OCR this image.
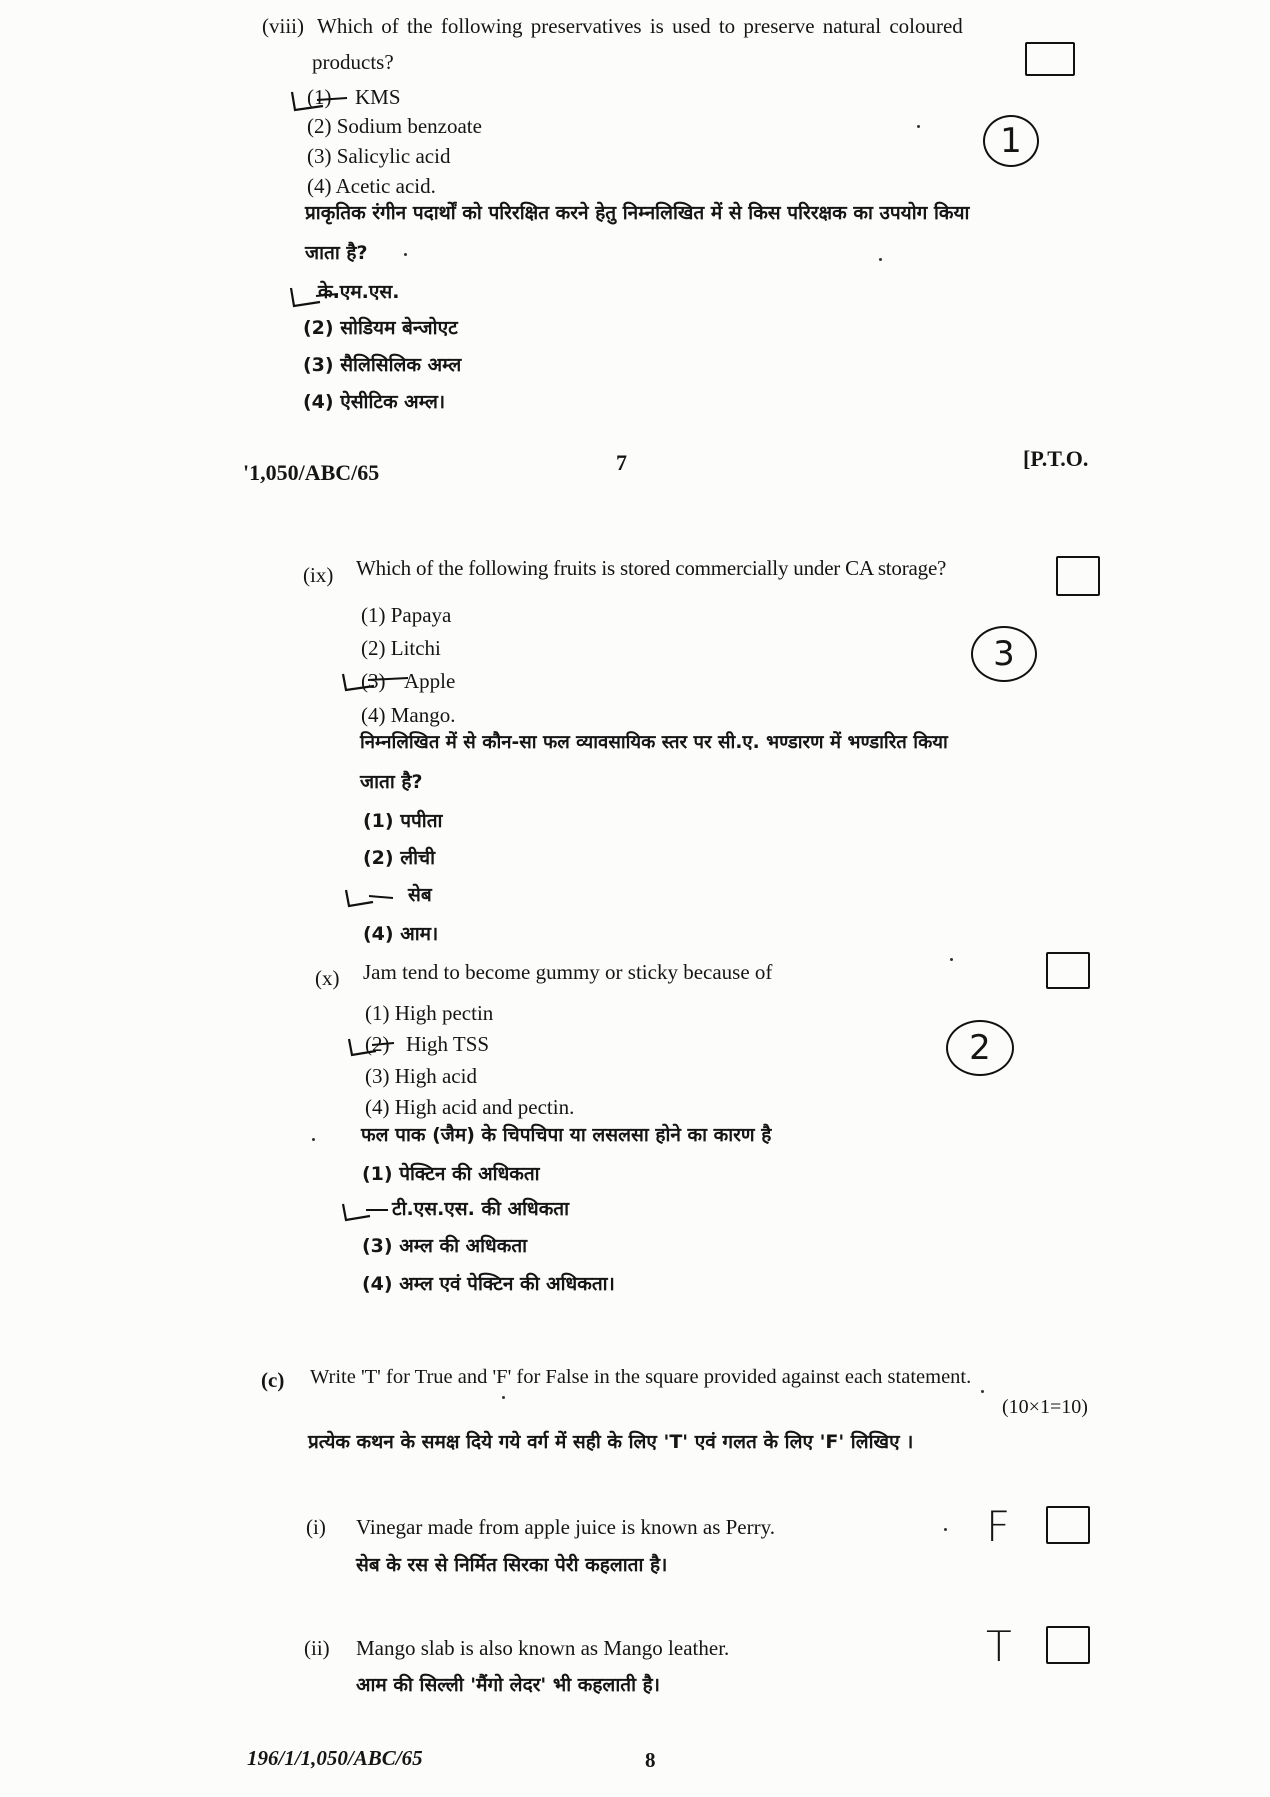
(viii) Which of the following preservatives is used to preserve natural coloured
products?
(1) KMS
(2) Sodium benzoate
(3) Salicylic acid
(4) Acetic acid.
1
प्राकृतिक रंगीन पदार्थों को परिरक्षित करने हेतु निम्नलिखित में से किस परिरक्षक का उपयोग किया
जाता है?
के.एम.एस.
(2) सोडियम बेन्जोएट
(3) सैलिसिलिक अम्ल
(4) ऐसीटिक अम्ल।
'1,050/ABC/65	7	[P.T.O.
(ix) Which of the following fruits is stored commercially under CA storage?
(1) Papaya
(2) Litchi
(3) Apple
(4) Mango.
3
निम्नलिखित में से कौन-सा फल व्यावसायिक स्तर पर सी.ए. भण्डारण में भण्डारित किया
जाता है?
(1) पपीता
(2) लीची
सेब
(4) आम।
(x) Jam tend to become gummy or sticky because of
(1) High pectin
(2) High TSS
(3) High acid
(4) High acid and pectin.
2
फल पाक (जैम) के चिपचिपा या लसलसा होने का कारण है
(1) पेक्टिन की अधिकता
टी.एस.एस. की अधिकता
(3) अम्ल की अधिकता
(4) अम्ल एवं पेक्टिन की अधिकता।
(c) Write 'T' for True and 'F' for False in the square provided against each statement.
(10×1=10)
प्रत्येक कथन के समक्ष दिये गये वर्ग में सही के लिए 'T' एवं गलत के लिए 'F' लिखिए ।
(i) Vinegar made from apple juice is known as Perry.
सेब के रस से निर्मित सिरका पेरी कहलाता है।
F
(ii) Mango slab is also known as Mango leather.
आम की सिल्ली 'मैंगो लेदर' भी कहलाती है।
T
196/1/1,050/ABC/65	8
